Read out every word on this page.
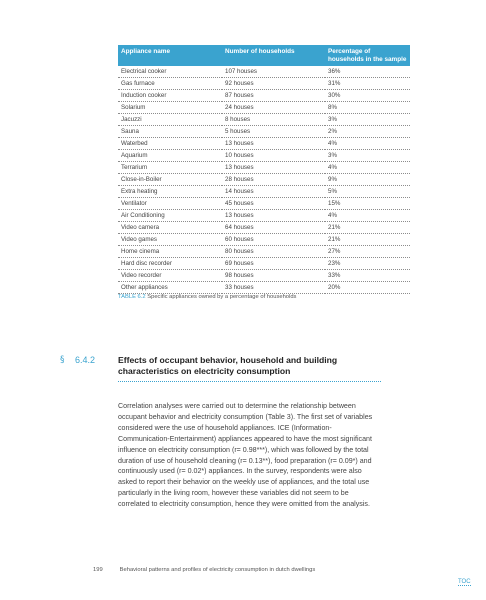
Appliance name	Number of households	Percentage of households in the sample
Electrical cooker	107 houses	36%
Gas furnace	92 houses	31%
Induction cooker	87 houses	30%
Solarium	24 houses	8%
Jacuzzi	8 houses	3%
Sauna	5 houses	2%
Waterbed	13 houses	4%
Aquarium	10 houses	3%
Terrarium	13 houses	4%
Close-in-Boiler	28 houses	9%
Extra heating	14 houses	5%
Ventilator	45 houses	15%
Air Conditioning	13 houses	4%
Video camera	64 houses	21%
Video games	60 houses	21%
Home cinema	80 houses	27%
Hard disc recorder	69 houses	23%
Video recorder	98 houses	33%
Other appliances	33 houses	20%
TABLE 6.2 Specific appliances owned by a percentage of households
§ 6.4.2	Effects of occupant behavior, household and building characteristics on electricity consumption

Correlation analyses were carried out to determine the relationship between occupant behavior and electricity consumption (Table 3). The first set of variables considered were the use of household appliances. ICE (Information-Communication-Entertainment) appliances appeared to have the most significant influence on electricity consumption (r= 0.98***), which was followed by the total duration of use of household cleaning (r= 0.13**), food preparation (r= 0.09*) and continuously used (r= 0.02*) appliances. In the survey, respondents were also asked to report their behavior on the weekly use of appliances, and the total use particularly in the living room, however these variables did not seem to be correlated to electricity consumption, hence they were omitted from the analysis.

199	Behavioral patterns and profiles of electricity consumption in dutch dwellings
TOC
